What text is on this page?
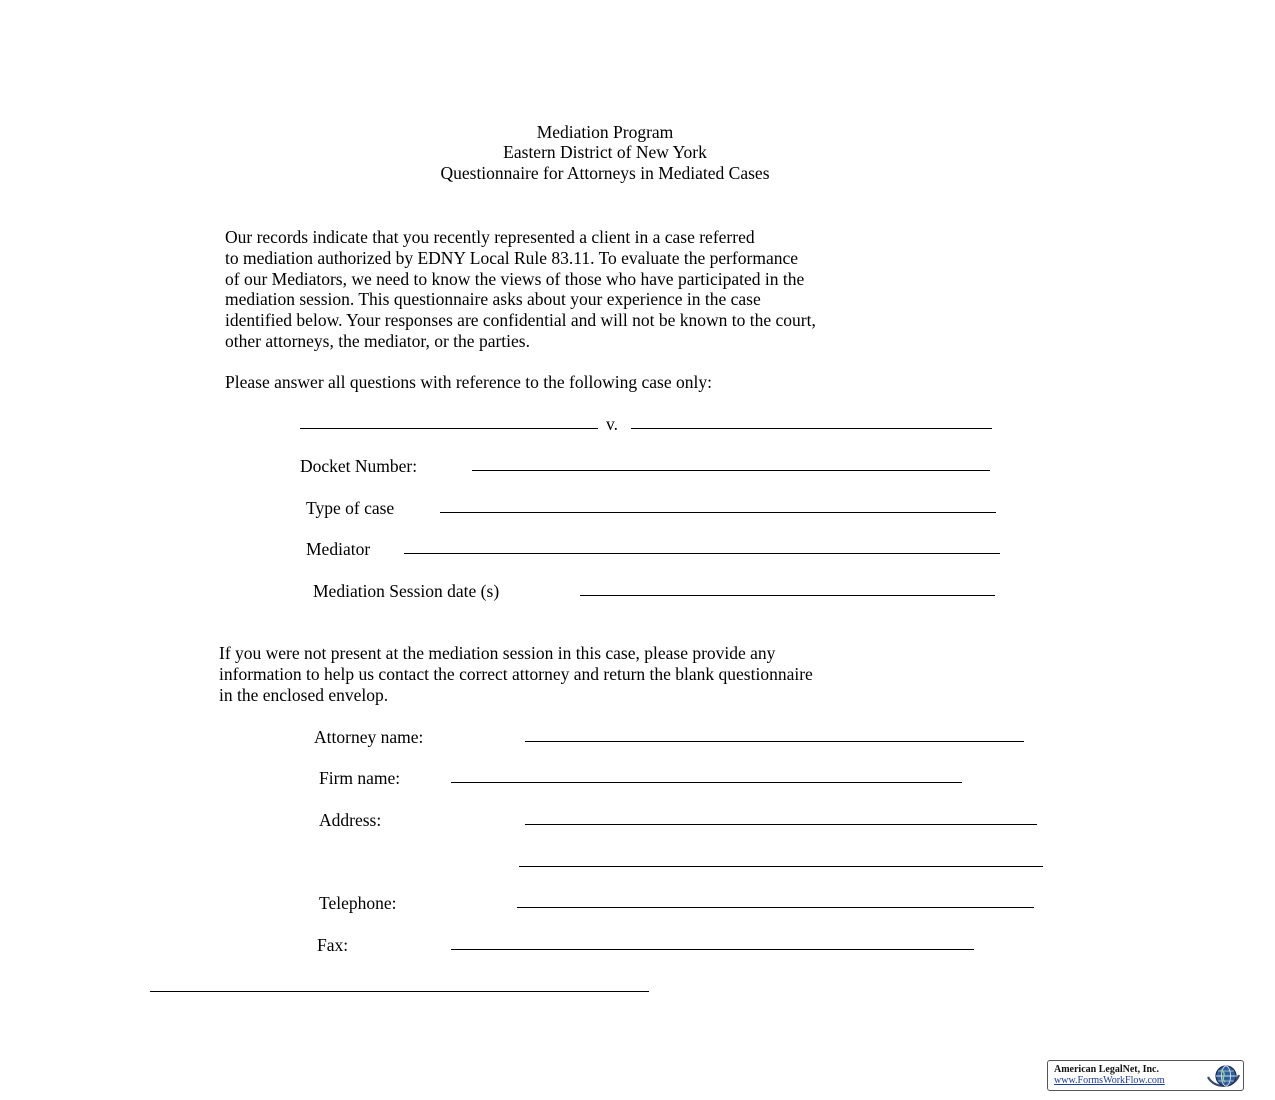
Mediation Program
Eastern District of New York
Questionnaire for Attorneys in Mediated Cases
Our records indicate that you recently represented a client in a case referred
to mediation authorized by EDNY Local Rule 83.11. To evaluate the performance
of our Mediators, we need to know the views of those who have participated in the
mediation session. This questionnaire asks about your experience in the case
identified below. Your responses are confidential and will not be known to the court,
other attorneys, the mediator, or the parties.
Please answer all questions with reference to the following case only:
v.
Docket Number:
Type of case
Mediator
Mediation Session date (s)
If you were not present at the mediation session in this case, please provide any
information to help us contact the correct attorney and return the blank questionnaire
in the enclosed envelop.
Attorney name:
Firm name:
Address:
Telephone:
Fax:
American LegalNet, Inc.
www.FormsWorkFlow.com
